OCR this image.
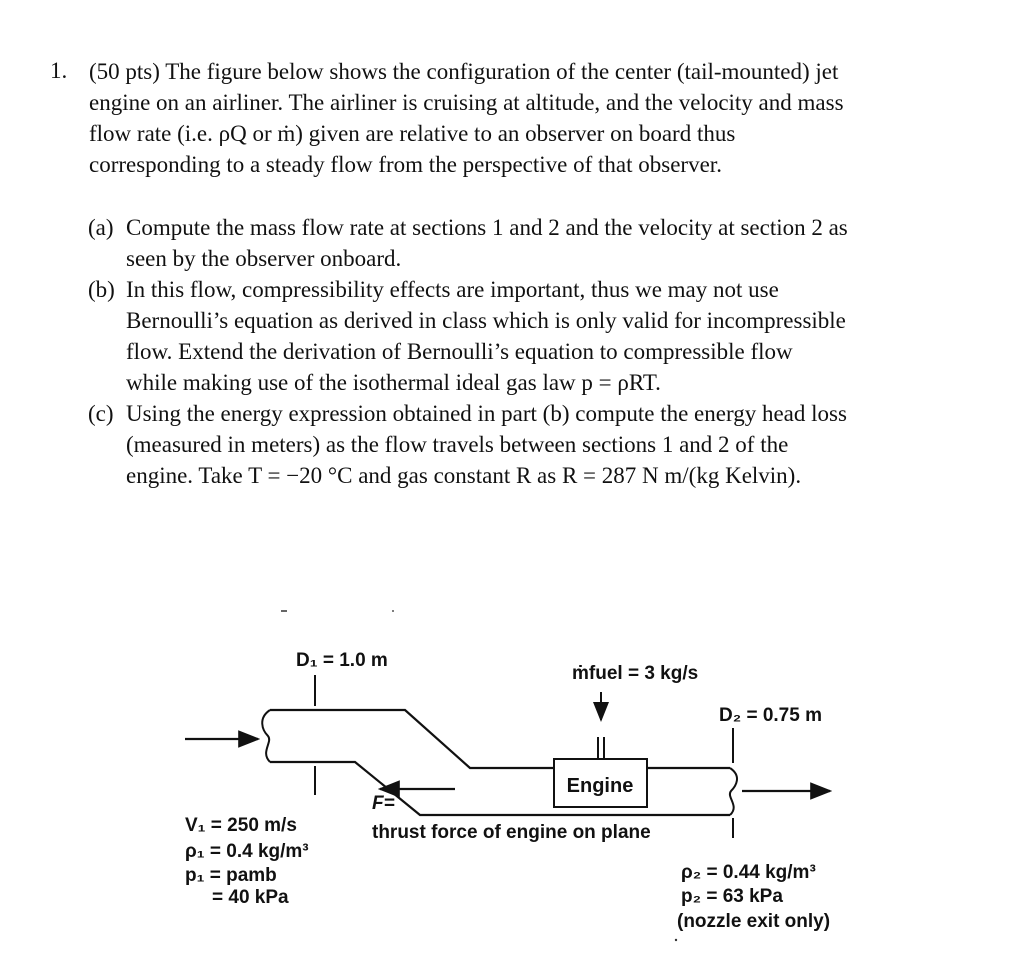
1. (50 pts) The figure below shows the configuration of the center (tail-mounted) jet
engine on an airliner. The airliner is cruising at altitude, and the velocity and mass
flow rate (i.e. ρQ or ṁ) given are relative to an observer on board thus
corresponding to a steady flow from the perspective of that observer.
(a) Compute the mass flow rate at sections 1 and 2 and the velocity at section 2 as
seen by the observer onboard.
(b) In this flow, compressibility effects are important, thus we may not use
Bernoulli’s equation as derived in class which is only valid for incompressible
flow. Extend the derivation of Bernoulli’s equation to compressible flow
while making use of the isothermal ideal gas law p = ρRT.
(c) Using the energy expression obtained in part (b) compute the energy head loss
(measured in meters) as the flow travels between sections 1 and 2 of the
engine. Take T = −20 °C and gas constant R as R = 287 N m/(kg Kelvin).
Engine
D₁ = 1.0 m
ṁfuel = 3 kg/s
D₂ = 0.75 m
F=
thrust force of engine on plane
V₁ = 250 m/s
ρ₁ = 0.4 kg/m³
p₁ = pamb
= 40 kPa
ρ₂ = 0.44 kg/m³
p₂ = 63 kPa
(nozzle exit only)
